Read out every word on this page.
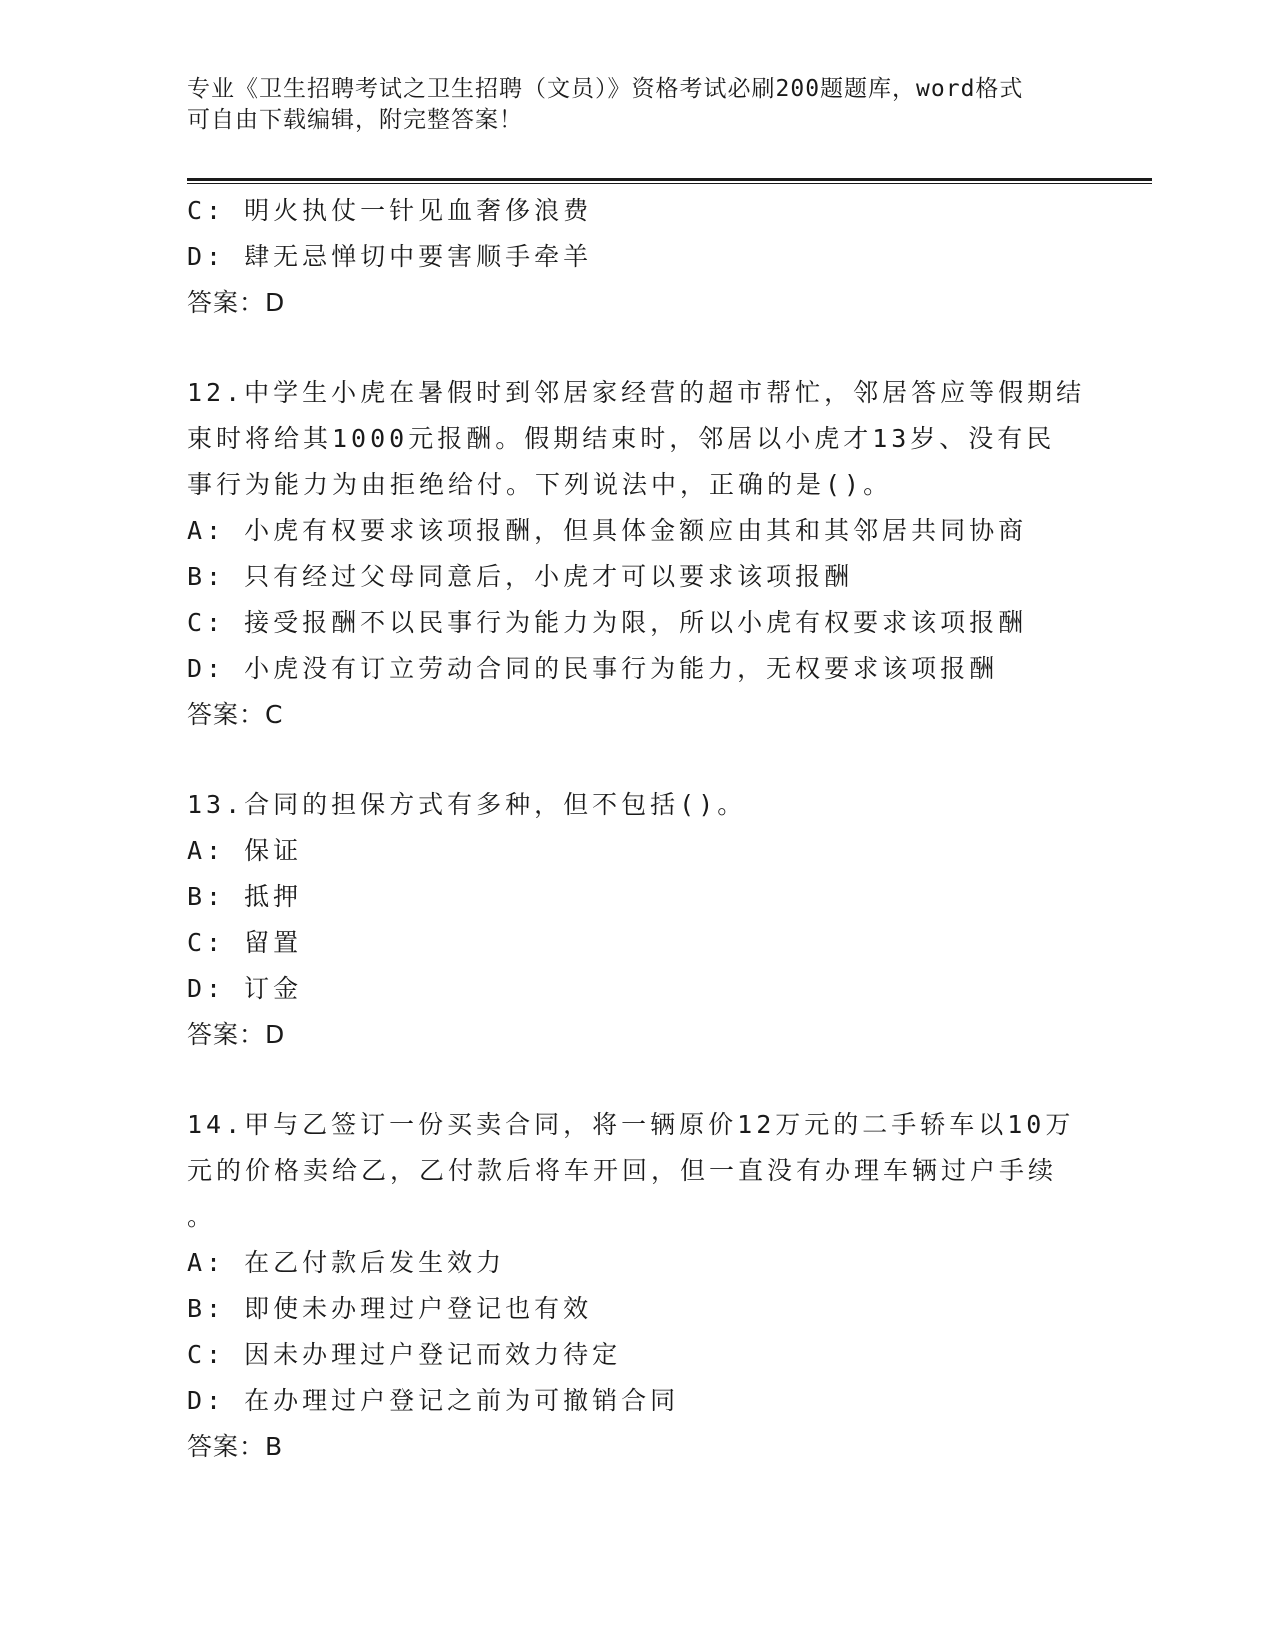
专业《卫生招聘考试之卫生招聘（文员）》资格考试必刷200题题库，word格式
可自由下载编辑，附完整答案！
C: 明火执仗一针见血奢侈浪费
D: 肆无忌惮切中要害顺手牵羊
答案：D
12.中学生小虎在暑假时到邻居家经营的超市帮忙，邻居答应等假期结
束时将给其1000元报酬。假期结束时，邻居以小虎才13岁、没有民
事行为能力为由拒绝给付。下列说法中，正确的是()。
A: 小虎有权要求该项报酬，但具体金额应由其和其邻居共同协商
B: 只有经过父母同意后，小虎才可以要求该项报酬
C: 接受报酬不以民事行为能力为限，所以小虎有权要求该项报酬
D: 小虎没有订立劳动合同的民事行为能力，无权要求该项报酬
答案：C
13.合同的担保方式有多种，但不包括()。
A: 保证
B: 抵押
C: 留置
D: 订金
答案：D
14.甲与乙签订一份买卖合同，将一辆原价12万元的二手轿车以10万
元的价格卖给乙，乙付款后将车开回，但一直没有办理车辆过户手续
。
A: 在乙付款后发生效力
B: 即使未办理过户登记也有效
C: 因未办理过户登记而效力待定
D: 在办理过户登记之前为可撤销合同
答案：B
